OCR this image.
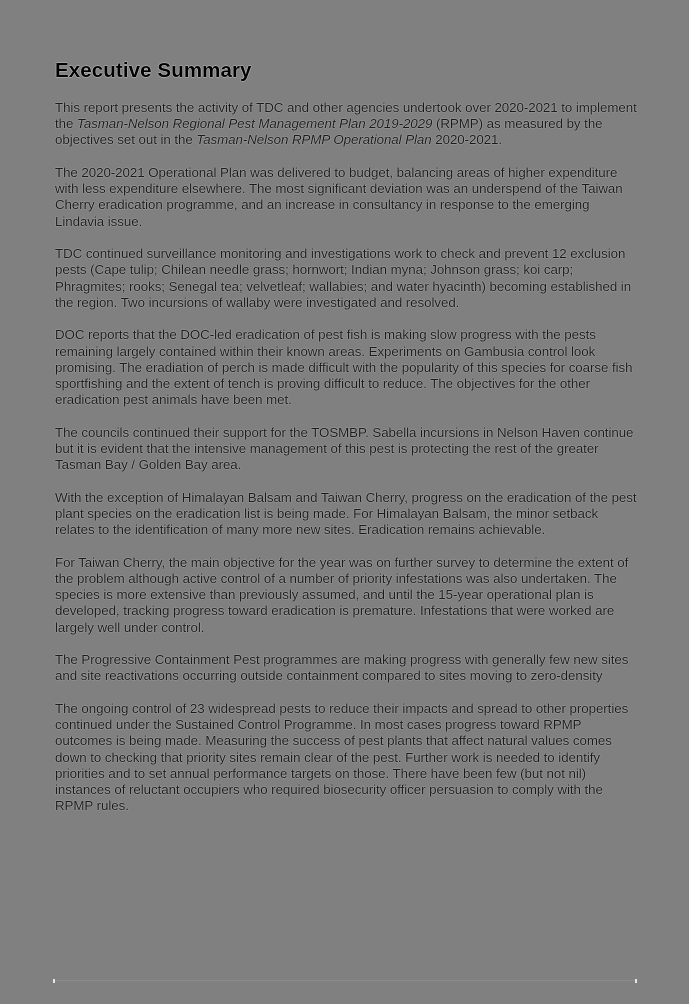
Executive Summary

This report presents the activity of TDC and other agencies undertook over 2020-2021 to implement the Tasman-Nelson Regional Pest Management Plan 2019-2029 (RPMP) as measured by the objectives set out in the Tasman-Nelson RPMP Operational Plan 2020-2021.

The 2020-2021 Operational Plan was delivered to budget, balancing areas of higher expenditure with less expenditure elsewhere. The most significant deviation was an underspend of the Taiwan Cherry eradication programme, and an increase in consultancy in response to the emerging Lindavia issue.

TDC continued surveillance monitoring and investigations work to check and prevent 12 exclusion pests (Cape tulip; Chilean needle grass; hornwort; Indian myna; Johnson grass; koi carp; Phragmites; rooks; Senegal tea; velvetleaf; wallabies; and water hyacinth) becoming established in the region. Two incursions of wallaby were investigated and resolved.

DOC reports that the DOC-led eradication of pest fish is making slow progress with the pests remaining largely contained within their known areas. Experiments on Gambusia control look promising. The eradiation of perch is made difficult with the popularity of this species for coarse fish sportfishing and the extent of tench is proving difficult to reduce. The objectives for the other eradication pest animals have been met.

The councils continued their support for the TOSMBP. Sabella incursions in Nelson Haven continue but it is evident that the intensive management of this pest is protecting the rest of the greater Tasman Bay / Golden Bay area.

With the exception of Himalayan Balsam and Taiwan Cherry, progress on the eradication of the pest plant species on the eradication list is being made. For Himalayan Balsam, the minor setback relates to the identification of many more new sites. Eradication remains achievable.

For Taiwan Cherry, the main objective for the year was on further survey to determine the extent of the problem although active control of a number of priority infestations was also undertaken. The species is more extensive than previously assumed, and until the 15-year operational plan is developed, tracking progress toward eradication is premature. Infestations that were worked are largely well under control.

The Progressive Containment Pest programmes are making progress with generally few new sites and site reactivations occurring outside containment compared to sites moving to zero-density

The ongoing control of 23 widespread pests to reduce their impacts and spread to other properties continued under the Sustained Control Programme. In most cases progress toward RPMP outcomes is being made. Measuring the success of pest plants that affect natural values comes down to checking that priority sites remain clear of the pest. Further work is needed to identify priorities and to set annual performance targets on those. There have been few (but not nil) instances of reluctant occupiers who required biosecurity officer persuasion to comply with the RPMP rules.
